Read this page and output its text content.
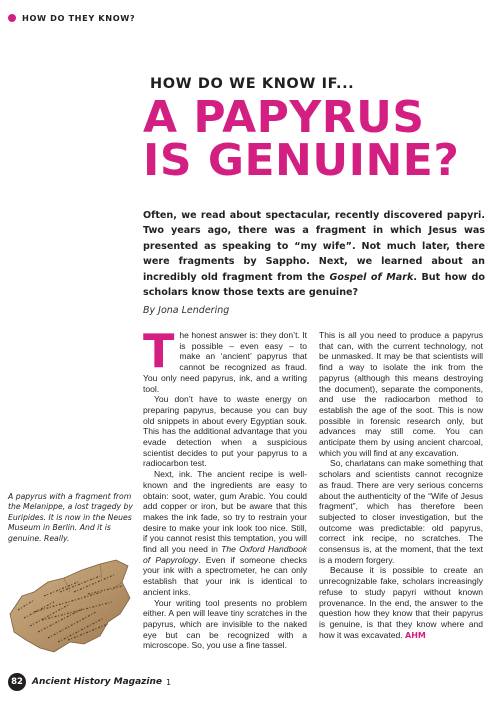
HOW DO THEY KNOW?
HOW DO WE KNOW IF...
A PAPYRUS
IS GENUINE?
Often, we read about spectacular, recently discovered papyri. Two years ago, there was a fragment in which Jesus was presented as speaking to “my wife”. Not much later, there were fragments by Sappho. Next, we learned about an incredibly old fragment from the Gospel of Mark. But how do scholars know those texts are genuine?
By Jona Lendering
A papyrus with a fragment from the Melanippe, a lost tragedy by Euripides. It is now in the Neues Museum in Berlin. And it is genuine. Really.

The honest answer is: they don’t. It is possible – even easy – to make an ‘ancient’ papyrus that cannot be recognized as fraud. You only need papyrus, ink, and a writing tool.

You don’t have to waste energy on preparing papyrus, because you can buy old snippets in about every Egyptian souk. This has the additional advantage that you evade detection when a suspicious scientist decides to put your papyrus to a radiocarbon test.

Next, ink. The ancient recipe is well-known and the ingredients are easy to obtain: soot, water, gum Arabic. You could add copper or iron, but be aware that this makes the ink fade, so try to restrain your desire to make your ink look too nice. Still, if you cannot resist this temptation, you will find all you need in The Oxford Handbook of Papyrology. Even if someone checks your ink with a spectrometer, he can only establish that your ink is identical to ancient inks.

Your writing tool presents no problem either. A pen will leave tiny scratches in the papyrus, which are invisible to the naked eye but can be recognized with a microscope. So, you use a fine tassel.

This is all you need to produce a papyrus that can, with the current technology, not be unmasked. It may be that scientists will find a way to isolate the ink from the papyrus (although this means destroying the document), separate the components, and use the radiocarbon method to establish the age of the soot. This is now possible in forensic research only, but advances may still come. You can anticipate them by using ancient charcoal, which you will find at any excavation.

So, charlatans can make something that scholars and scientists cannot recognize as fraud. There are very serious concerns about the authenticity of the “Wife of Jesus fragment”, which has therefore been subjected to closer investigation, but the outcome was predictable: old papyrus, correct ink recipe, no scratches. The consensus is, at the moment, that the text is a modern forgery.

Because it is possible to create an unrecognizable fake, scholars increasingly refuse to study papyri without known provenance. In the end, the answer to the question how they know that their papyrus is genuine, is that they know where and how it was excavated. AHM

82	Ancient History Magazine 1
